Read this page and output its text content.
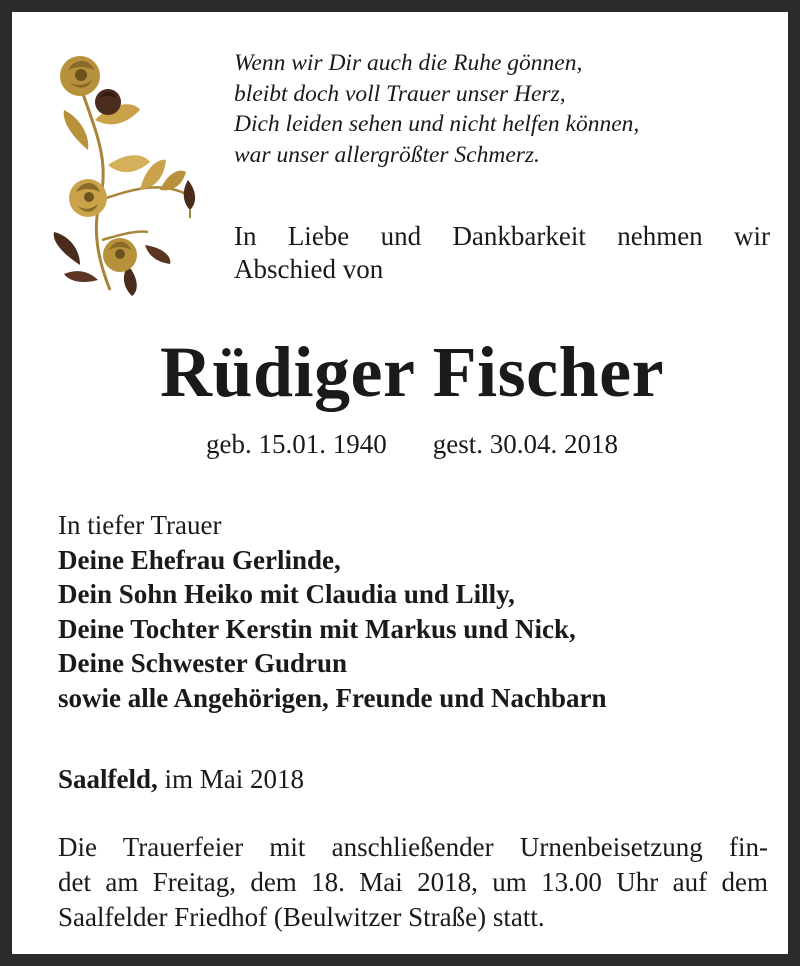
Wenn wir Dir auch die Ruhe gönnen,
bleibt doch voll Trauer unser Herz,
Dich leiden sehen und nicht helfen können,
war unser allergrößter Schmerz.
In Liebe und Dankbarkeit nehmen wir
Abschied von
Rüdiger Fischer
geb. 15.01. 1940 gest. 30.04. 2018
In tiefer Trauer
Deine Ehefrau Gerlinde,
Dein Sohn Heiko mit Claudia und Lilly,
Deine Tochter Kerstin mit Markus und Nick,
Deine Schwester Gudrun
sowie alle Angehörigen, Freunde und Nachbarn
Saalfeld, im Mai 2018
Die Trauerfeier mit anschließender Urnenbeisetzung fin-
det am Freitag, dem 18. Mai 2018, um 13.00 Uhr auf dem
Saalfelder Friedhof (Beulwitzer Straße) statt.
